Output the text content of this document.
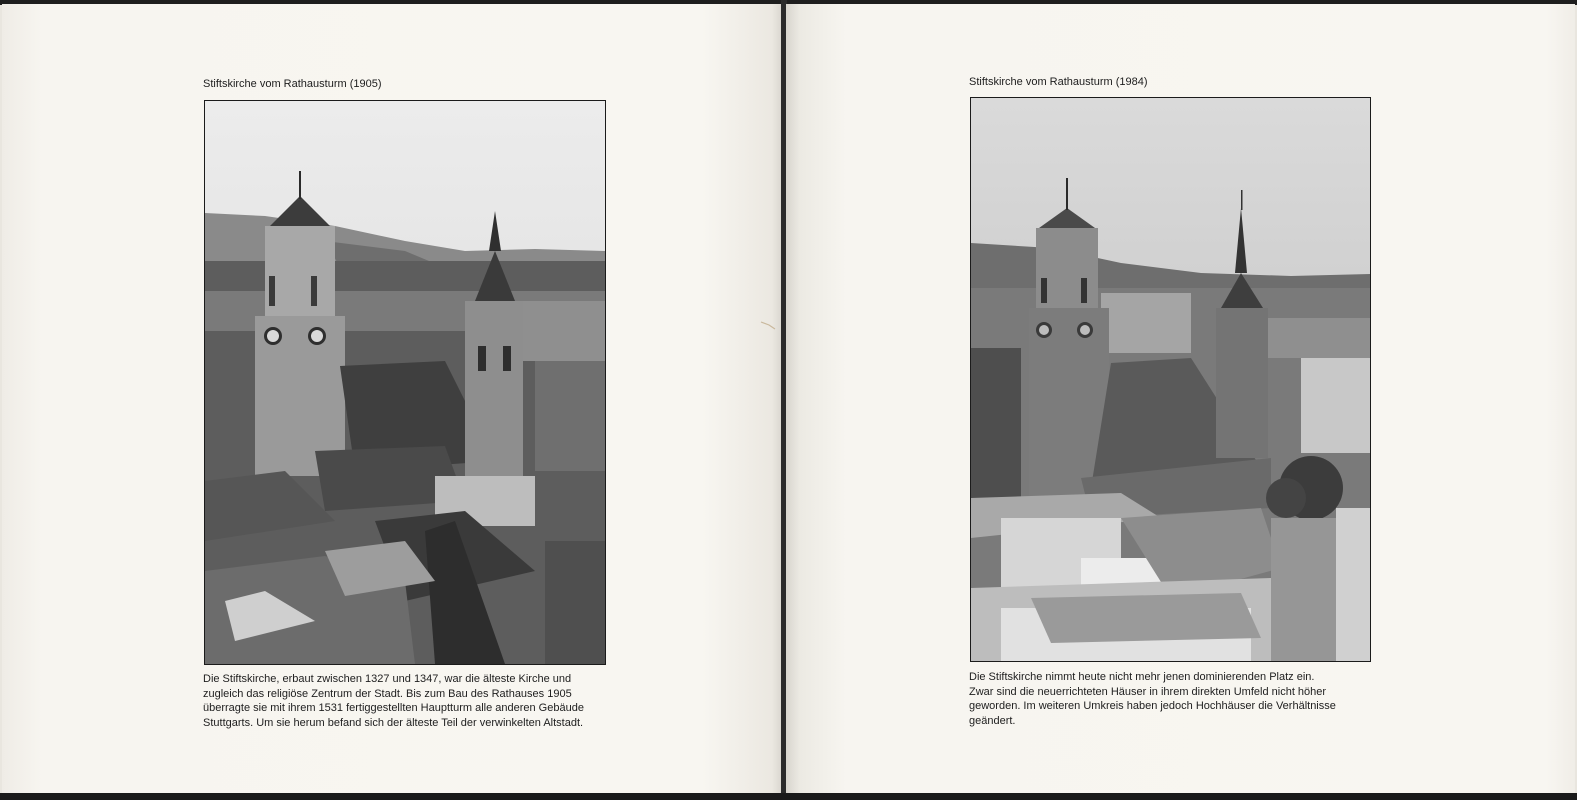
Stiftskirche vom Rathausturm (1905)
Die Stiftskirche, erbaut zwischen 1327 und 1347, war die älteste Kirche und
zugleich das religiöse Zentrum der Stadt. Bis zum Bau des Rathauses 1905
überragte sie mit ihrem 1531 fertiggestellten Hauptturm alle anderen Gebäude
Stuttgarts. Um sie herum befand sich der älteste Teil der verwinkelten Altstadt.
Stiftskirche vom Rathausturm (1984)
Die Stiftskirche nimmt heute nicht mehr jenen dominierenden Platz ein.
Zwar sind die neuerrichteten Häuser in ihrem direkten Umfeld nicht höher
geworden. Im weiteren Umkreis haben jedoch Hochhäuser die Verhältnisse
geändert.
